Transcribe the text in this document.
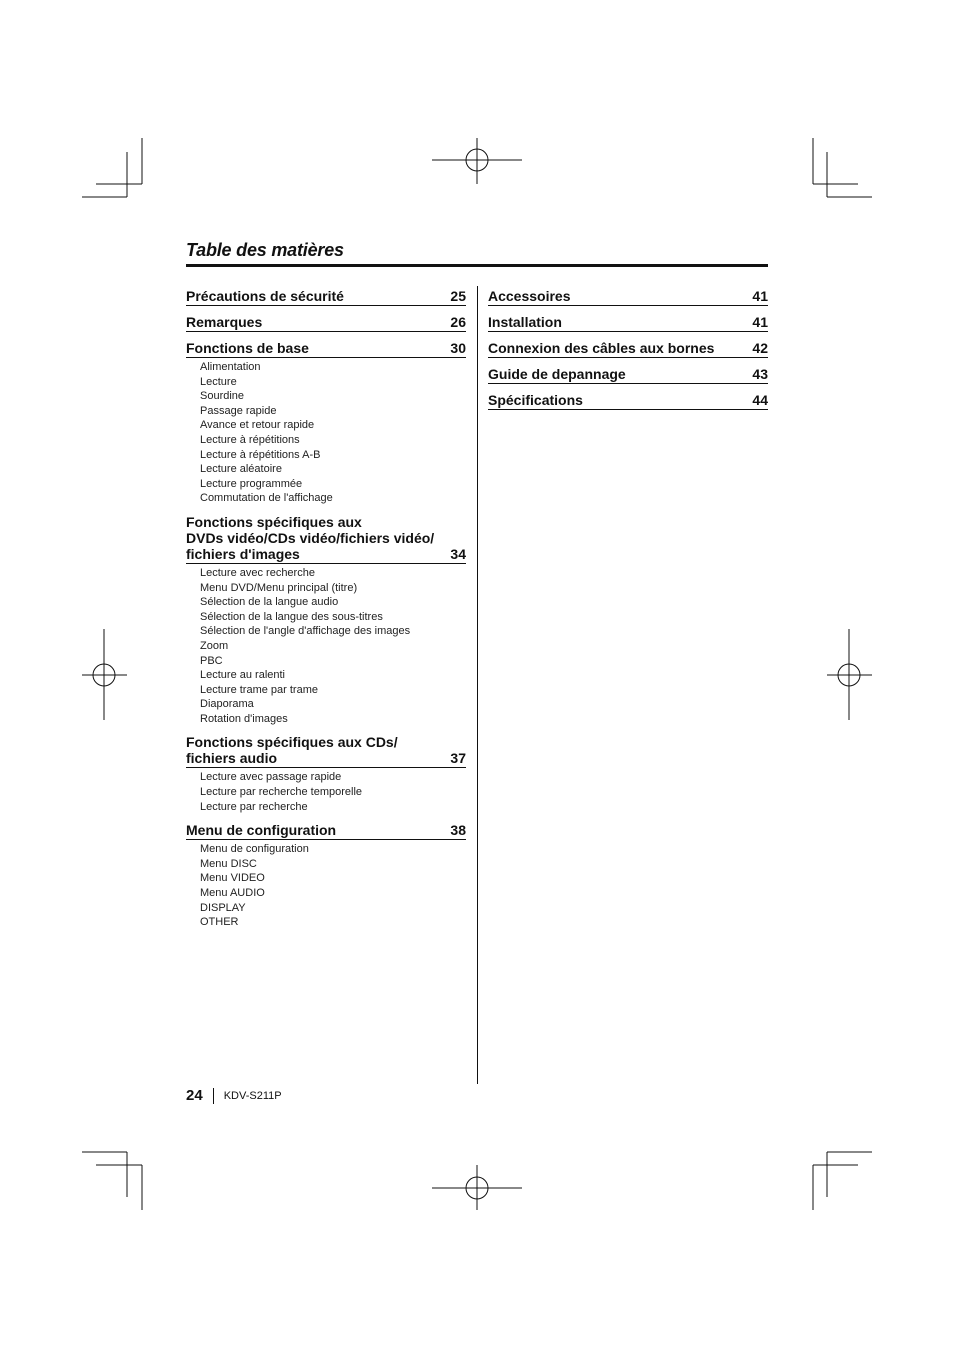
Table des matières
Précautions de sécurité	25
Remarques	26
Fonctions de base	30
Alimentation
Lecture
Sourdine
Passage rapide
Avance et retour rapide
Lecture à répétitions
Lecture à répétitions A-B
Lecture aléatoire
Lecture programmée
Commutation de l'affichage
Fonctions spécifiques aux
DVDs vidéo/CDs vidéo/fichiers vidéo/
fichiers d'images	34
Lecture avec recherche
Menu DVD/Menu principal (titre)
Sélection de la langue audio
Sélection de la langue des sous-titres
Sélection de l'angle d'affichage des images
Zoom
PBC
Lecture au ralenti
Lecture trame par trame
Diaporama
Rotation d'images
Fonctions spécifiques aux CDs/
fichiers audio	37
Lecture avec passage rapide
Lecture par recherche temporelle
Lecture par recherche
Menu de configuration	38
Menu de configuration
Menu DISC
Menu VIDEO
Menu AUDIO
DISPLAY
OTHER
Accessoires	41
Installation	41
Connexion des câbles aux bornes	42
Guide de depannage	43
Spécifications	44
24 KDV-S211P
